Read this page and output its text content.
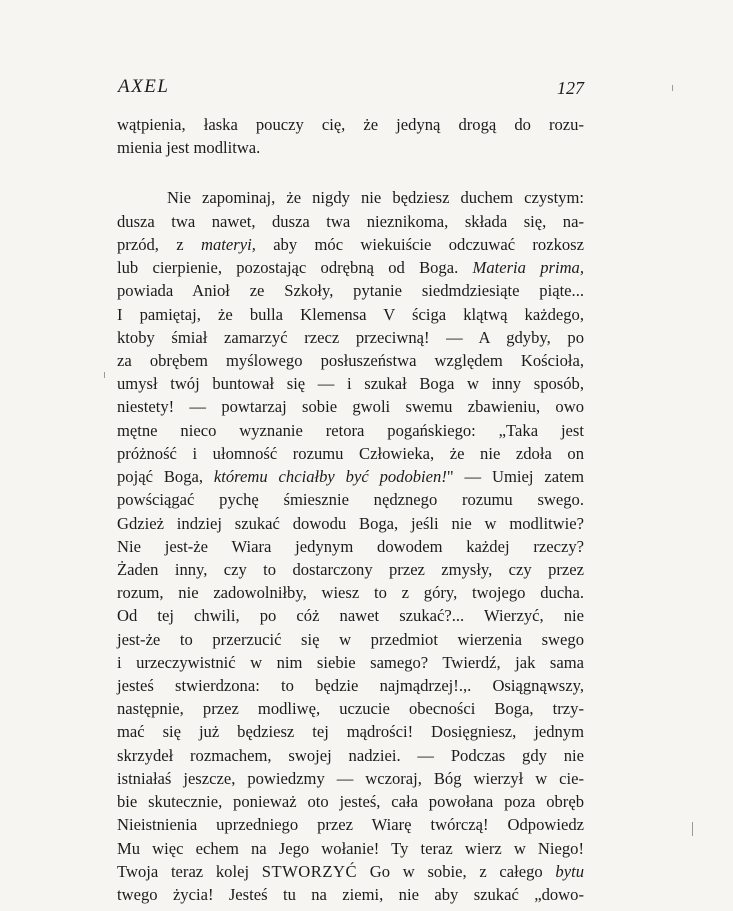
AXEL	127
wątpienia, łaska pouczy cię, że jedyną drogą do rozu-
mienia jest modlitwa.
Nie zapominaj, że nigdy nie będziesz duchem czystym:
dusza twa nawet, dusza twa nieznikoma, składa się, na-
przód, z materyi, aby móc wiekuiście odczuwać rozkosz
lub cierpienie, pozostając odrębną od Boga. Materia prima,
powiada Anioł ze Szkoły, pytanie siedmdziesiąte piąte...
I pamiętaj, że bulla Klemensa V ściga klątwą każdego,
ktoby śmiał zamarzyć rzecz przeciwną! — A gdyby, po
za obrębem myślowego posłuszeństwa względem Kościoła,
umysł twój buntował się — i szukał Boga w inny sposób,
niestety! — powtarzaj sobie gwoli swemu zbawieniu, owo
mętne nieco wyznanie retora pogańskiego: „Taka jest
próżność i ułomność rozumu Człowieka, że nie zdoła on
pojąć Boga, któremu chciałby być podobien!" — Umiej zatem
powściągać pychę śmiesznie nędznego rozumu swego.
Gdzież indziej szukać dowodu Boga, jeśli nie w modlitwie?
Nie jest-że Wiara jedynym dowodem każdej rzeczy?
Żaden inny, czy to dostarczony przez zmysły, czy przez
rozum, nie zadowolniłby, wiesz to z góry, twojego ducha.
Od tej chwili, po cóż nawet szukać?... Wierzyć, nie
jest-że to przerzucić się w przedmiot wierzenia swego
i urzeczywistnić w nim siebie samego? Twierdź, jak sama
jesteś stwierdzona: to będzie najmądrzej!.,. Osiągnąwszy,
następnie, przez modliwę, uczucie obecności Boga, trzy-
mać się już będziesz tej mądrości! Dosięgniesz, jednym
skrzydeł rozmachem, swojej nadziei. — Podczas gdy nie
istniałaś jeszcze, powiedzmy — wczoraj, Bóg wierzył w cie-
bie skutecznie, ponieważ oto jesteś, cała powołana poza obręb
Nieistnienia uprzedniego przez Wiarę twórczą! Odpowiedz
Mu więc echem na Jego wołanie! Ty teraz wierz w Niego!
Twoja teraz kolej STWORZYĆ Go w sobie, z całego bytu
twego życia! Jesteś tu na ziemi, nie aby szukać „dowo-
